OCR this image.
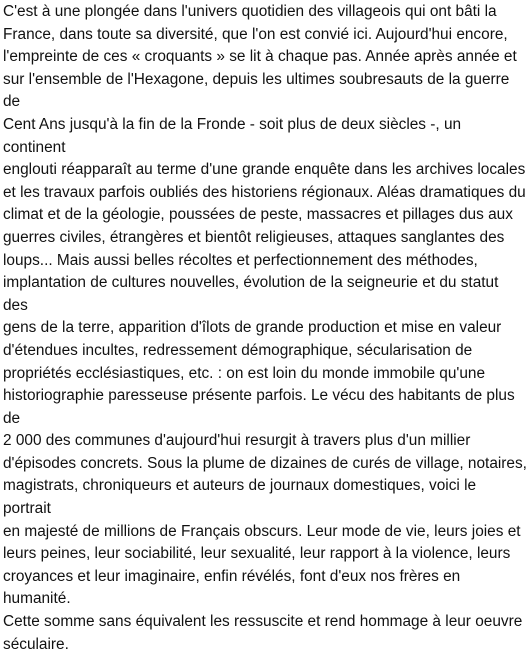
C'est à une plongée dans l'univers quotidien des villageois qui ont bâti la
France, dans toute sa diversité, que l'on est convié ici. Aujourd'hui encore,
l'empreinte de ces « croquants » se lit à chaque pas. Année après année et
sur l'ensemble de l'Hexagone, depuis les ultimes soubresauts de la guerre de
Cent Ans jusqu'à la fin de la Fronde - soit plus de deux siècles -, un continent
englouti réapparaît au terme d'une grande enquête dans les archives locales
et les travaux parfois oubliés des historiens régionaux. Aléas dramatiques du
climat et de la géologie, poussées de peste, massacres et pillages dus aux
guerres civiles, étrangères et bientôt religieuses, attaques sanglantes des
loups... Mais aussi belles récoltes et perfectionnement des méthodes,
implantation de cultures nouvelles, évolution de la seigneurie et du statut des
gens de la terre, apparition d'îlots de grande production et mise en valeur
d'étendues incultes, redressement démographique, sécularisation de
propriétés ecclésiastiques, etc. : on est loin du monde immobile qu'une
historiographie paresseuse présente parfois. Le vécu des habitants de plus de
2 000 des communes d'aujourd'hui resurgit à travers plus d'un millier
d'épisodes concrets. Sous la plume de dizaines de curés de village, notaires,
magistrats, chroniqueurs et auteurs de journaux domestiques, voici le portrait
en majesté de millions de Français obscurs. Leur mode de vie, leurs joies et
leurs peines, leur sociabilité, leur sexualité, leur rapport à la violence, leurs
croyances et leur imaginaire, enfin révélés, font d'eux nos frères en humanité.
Cette somme sans équivalent les ressuscite et rend hommage à leur oeuvre
séculaire.
